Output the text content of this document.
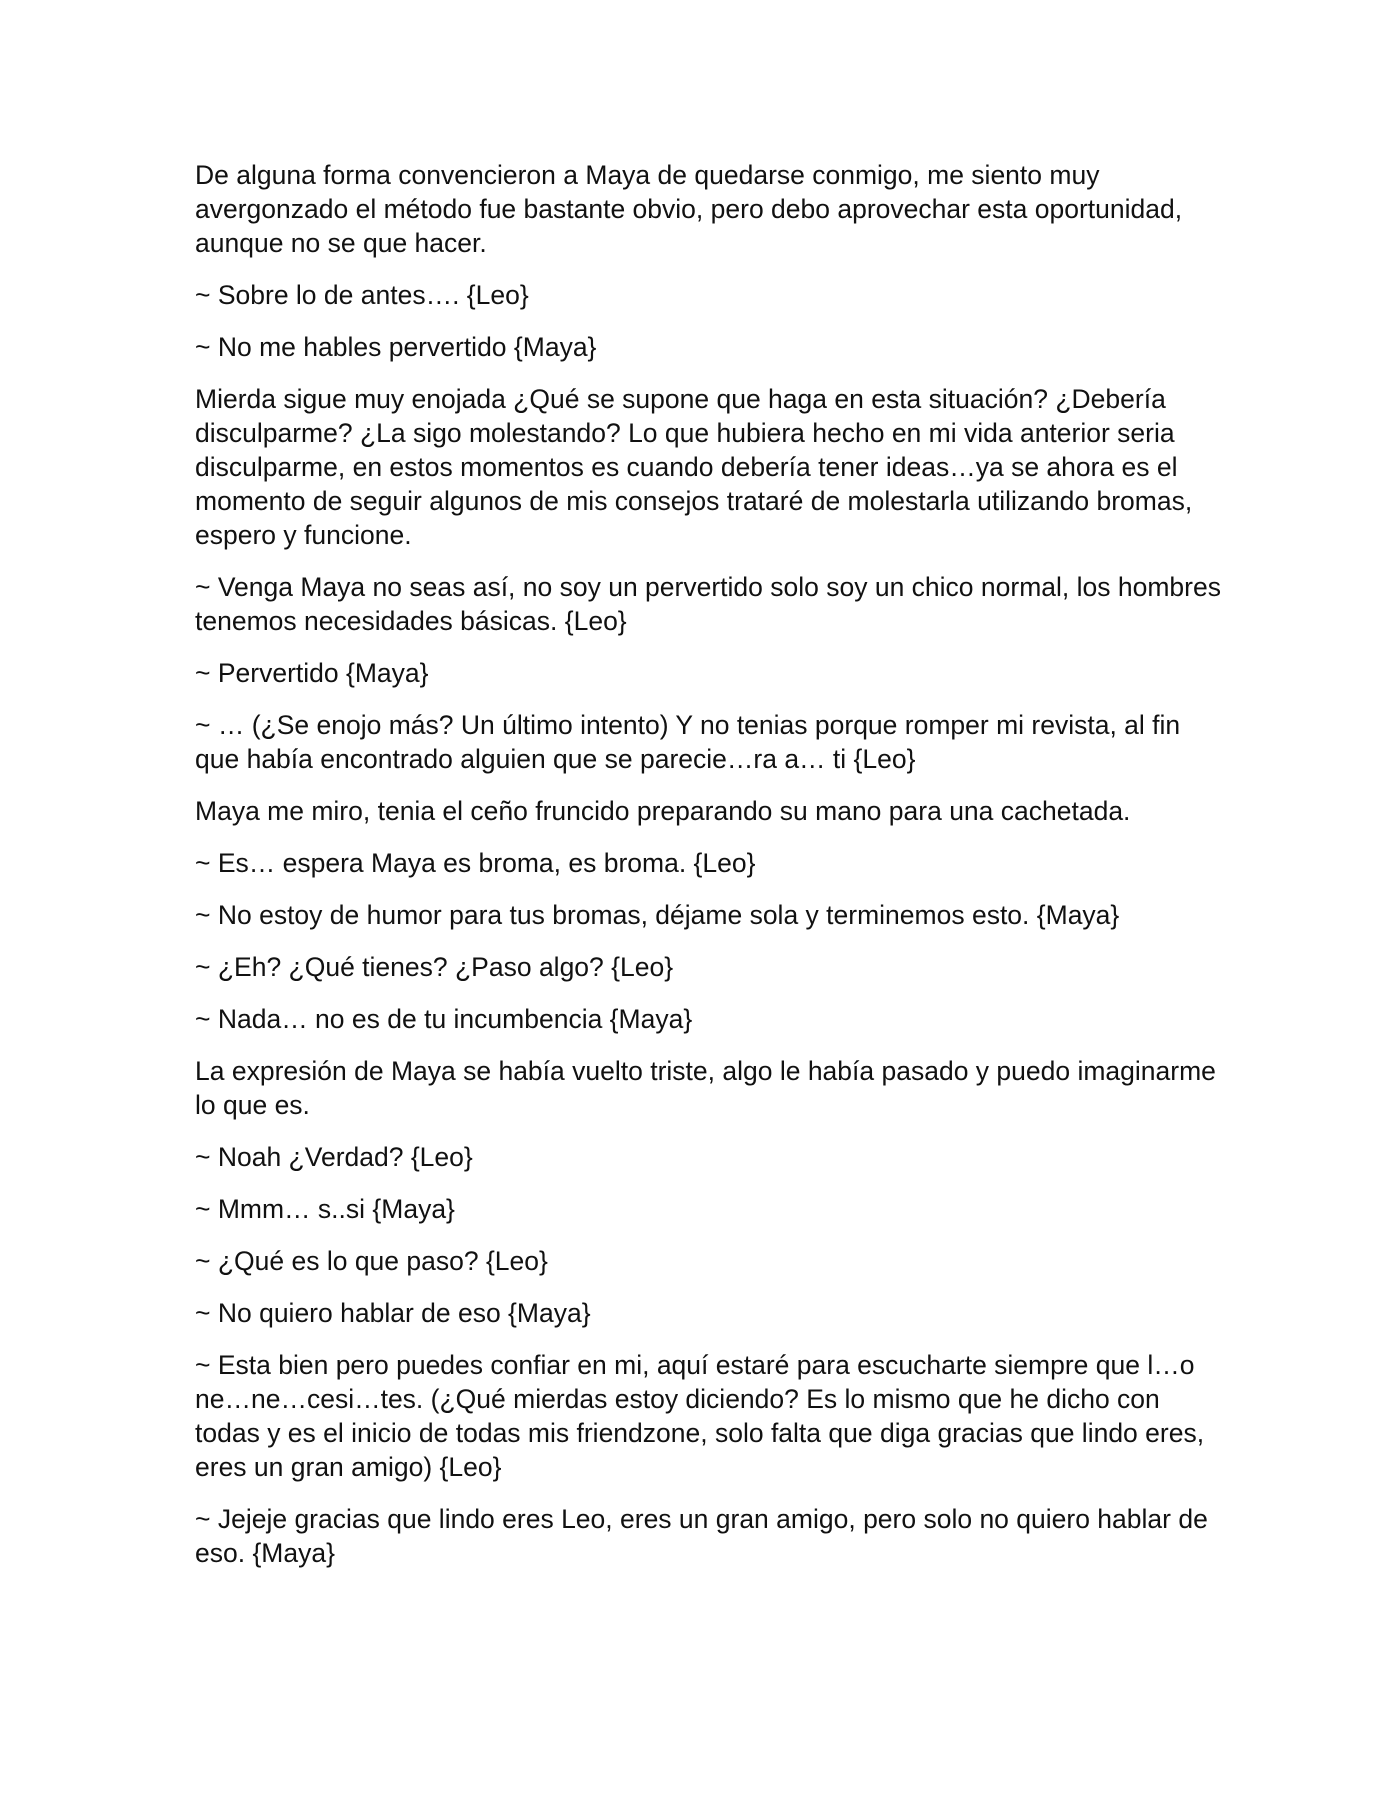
De alguna forma convencieron a Maya de quedarse conmigo, me siento muy avergonzado el método fue bastante obvio, pero debo aprovechar esta oportunidad, aunque no se que hacer.

~ Sobre lo de antes…. {Leo}

~ No me hables pervertido {Maya}

Mierda sigue muy enojada ¿Qué se supone que haga en esta situación? ¿Debería disculparme? ¿La sigo molestando? Lo que hubiera hecho en mi vida anterior seria disculparme, en estos momentos es cuando debería tener ideas…ya se ahora es el momento de seguir algunos de mis consejos trataré de molestarla utilizando bromas, espero y funcione.

~ Venga Maya no seas así, no soy un pervertido solo soy un chico normal, los hombres tenemos necesidades básicas. {Leo}

~ Pervertido {Maya}

~ … (¿Se enojo más? Un último intento) Y no tenias porque romper mi revista, al fin que había encontrado alguien que se parecie…ra a… ti {Leo}

Maya me miro, tenia el ceño fruncido preparando su mano para una cachetada.

~ Es… espera Maya es broma, es broma. {Leo}

~ No estoy de humor para tus bromas, déjame sola y terminemos esto. {Maya}

~ ¿Eh? ¿Qué tienes? ¿Paso algo? {Leo}

~ Nada… no es de tu incumbencia {Maya}

La expresión de Maya se había vuelto triste, algo le había pasado y puedo imaginarme lo que es.

~ Noah ¿Verdad? {Leo}

~ Mmm… s..si {Maya}

~ ¿Qué es lo que paso? {Leo}

~ No quiero hablar de eso {Maya}

~ Esta bien pero puedes confiar en mi, aquí estaré para escucharte siempre que l…o ne…ne…cesi…tes. (¿Qué mierdas estoy diciendo? Es lo mismo que he dicho con todas y es el inicio de todas mis friendzone, solo falta que diga gracias que lindo eres, eres un gran amigo) {Leo}

~ Jejeje gracias que lindo eres Leo, eres un gran amigo, pero solo no quiero hablar de eso. {Maya}
